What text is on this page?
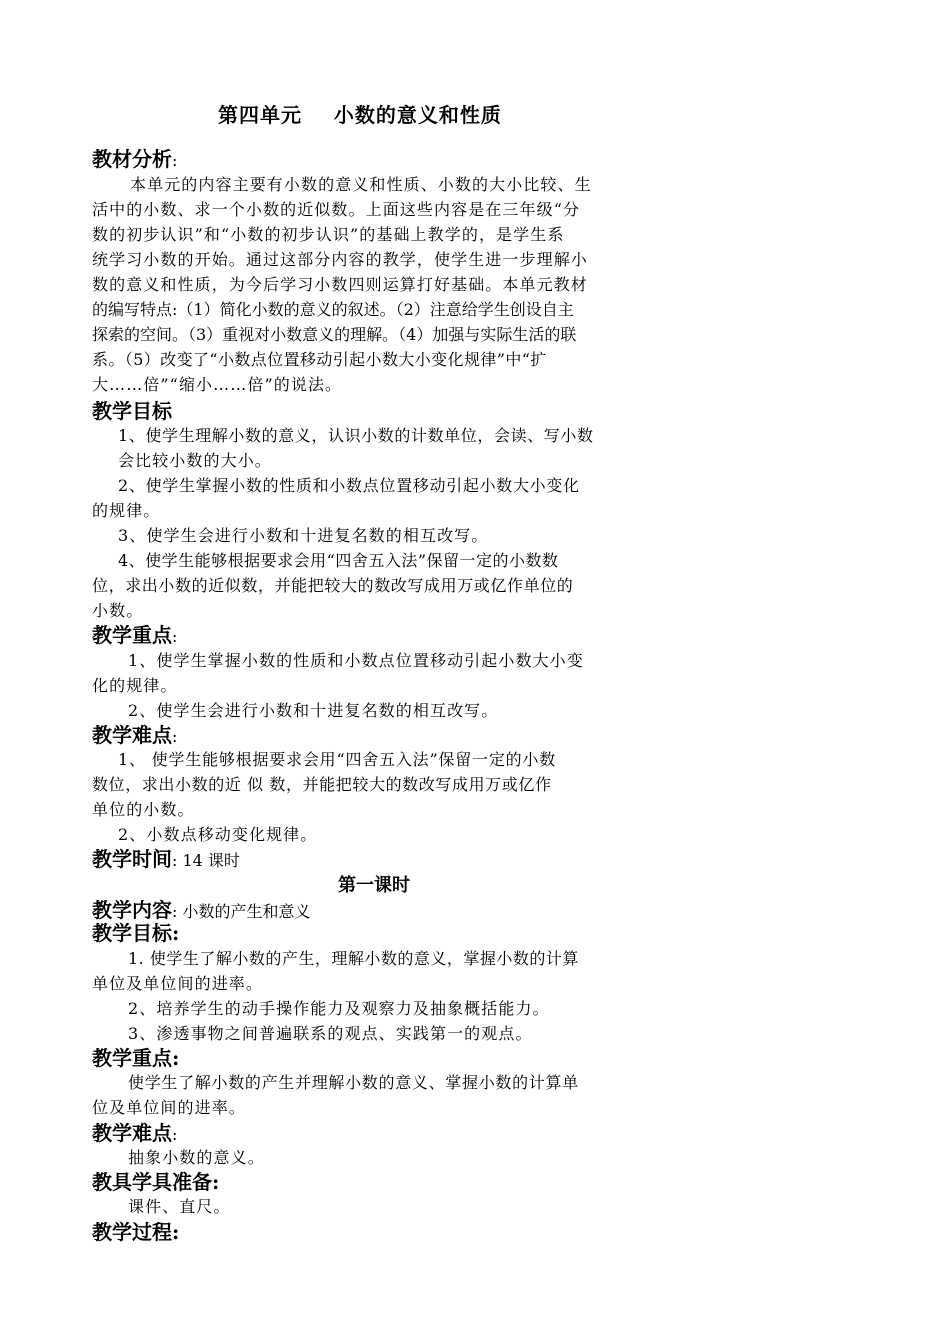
第四单元    小数的意义和性质
教材分析:
本单元的内容主要有小数的意义和性质、小数的大小比较、生
活中的小数、求一个小数的近似数。上面这些内容是在三年级“分
数的初步认识”和“小数的初步认识”的基础上教学的，是学生系
统学习小数的开始。通过这部分内容的教学，使学生进一步理解小
数的意义和性质，为今后学习小数四则运算打好基础。本单元教材
的编写特点:（1）简化小数的意义的叙述。（2）注意给学生创设自主
探索的空间。（3）重视对小数意义的理解。（4）加强与实际生活的联
系。（5）改变了“小数点位置移动引起小数大小变化规律”中“扩
大……倍”“缩小……倍”的说法。
教学目标
1、使学生理解小数的意义，认识小数的计数单位，会读、写小数
会比较小数的大小。
2、使学生掌握小数的性质和小数点位置移动引起小数大小变化
的规律。
3、使学生会进行小数和十进复名数的相互改写。
4、使学生能够根据要求会用“四舍五入法”保留一定的小数数
位，求出小数的近似数，并能把较大的数改写成用万或亿作单位的
小数。
教学重点:
1、使学生掌握小数的性质和小数点位置移动引起小数大小变
化的规律。
2、使学生会进行小数和十进复名数的相互改写。
教学难点:
1、 使学生能够根据要求会用“四舍五入法”保留一定的小数
数位，求出小数的近 似 数，并能把较大的数改写成用万或亿作
单位的小数。
2、小数点移动变化规律。
教学时间: 14 课时
第一课时
教学内容: 小数的产生和意义
教学目标:
1. 使学生了解小数的产生，理解小数的意义，掌握小数的计算
单位及单位间的进率。
2、培养学生的动手操作能力及观察力及抽象概括能力。
3、渗透事物之间普遍联系的观点、实践第一的观点。
教学重点:
使学生了解小数的产生并理解小数的意义、掌握小数的计算单
位及单位间的进率。
教学难点:
抽象小数的意义。
教具学具准备:
课件、直尺。
教学过程:
